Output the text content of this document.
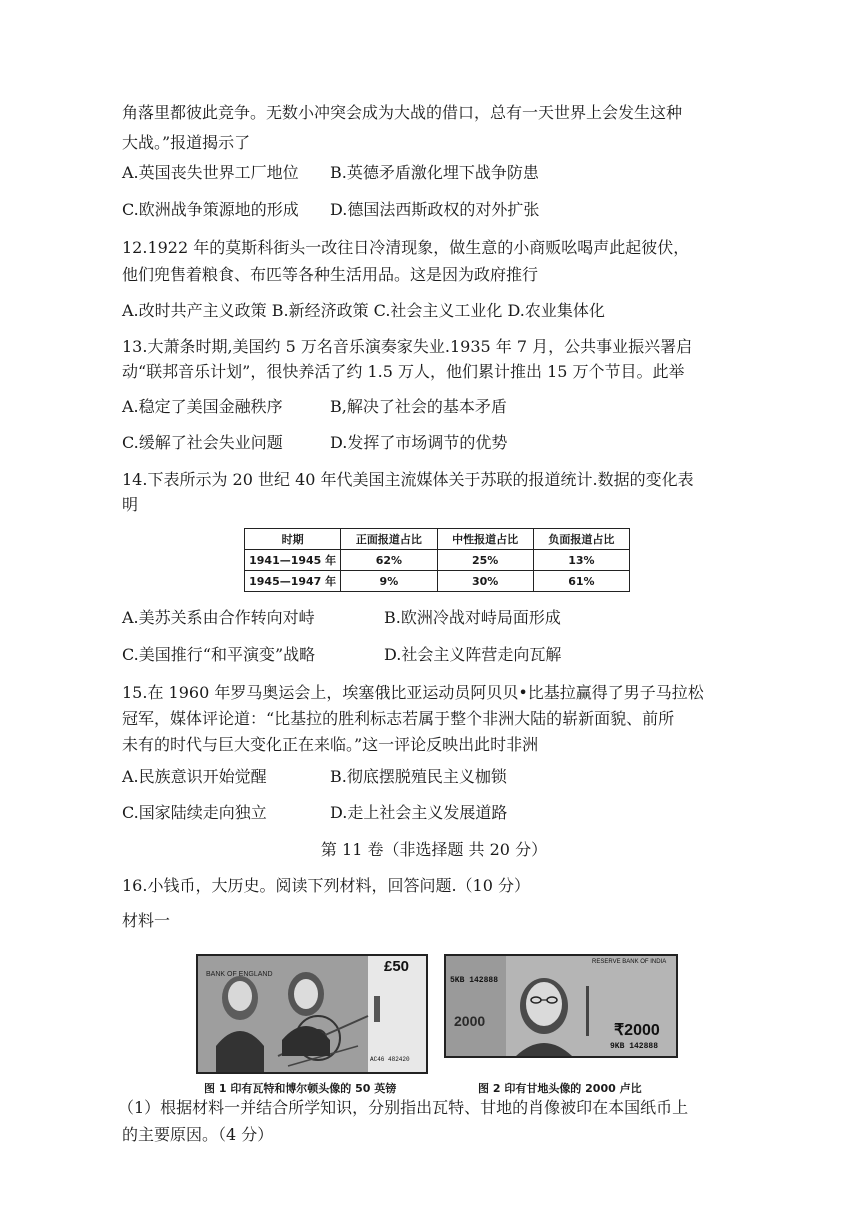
角落里都彼此竞争。无数小冲突会成为大战的借口，总有一天世界上会发生这种
大战。”报道揭示了
A.英国丧失世界工厂地位 B.英德矛盾激化埋下战争防患
C.欧洲战争策源地的形成 D.德国法西斯政权的对外扩张
12.1922 年的莫斯科街头一改往日冷清现象，做生意的小商贩吆喝声此起彼伏，
他们兜售着粮食、布匹等各种生活用品。这是因为政府推行
A.改时共产主义政策 B.新经济政策 C.社会主义工业化 D.农业集体化
13.大萧条时期,美国约 5 万名音乐演奏家失业.1935 年 7 月，公共事业振兴署启
动“联邦音乐计划”，很快养活了约 1.5 万人，他们累计推出 15 万个节目。此举
A.稳定了美国金融秩序	B,解决了社会的基本矛盾
C.缓解了社会失业问题	D.发挥了市场调节的优势
14.下表所示为 20 世纪 40 年代美国主流媒体关于苏联的报道统计.数据的变化表
明
时期	正面报道占比	中性报道占比	负面报道占比
1941—1945 年	62%	25%	13%
1945—1947 年	9%	30%	61%
A.美苏关系由合作转向对峙	B.欧洲冷战对峙局面形成
C.美国推行“和平演变”战略	D.社会主义阵营走向瓦解
15.在 1960 年罗马奥运会上，埃塞俄比亚运动员阿贝贝•比基拉赢得了男子马拉松
冠军，媒体评论道：“比基拉的胜利标志若属于整个非洲大陆的崭新面貌、前所
未有的时代与巨大变化正在来临。”这一评论反映出此时非洲
A.民族意识开始觉醒	B.彻底摆脱殖民主义枷锁
C.国家陆续走向独立	D.走上社会主义发展道路
第 11 卷（非选择题 共 20 分）
16.小钱币，大历史。阅读下列材料，回答问题.（10 分）
材料一
BANK OF ENGLAND	£50
AC46 482420
2000
RESERVE BANK OF INDIA
5KB 142888
₹2000
9KB 142888
图 1 印有瓦特和博尔顿头像的 50 英镑	图 2 印有甘地头像的 2000 卢比
（1）根据材料一并结合所学知识，分别指出瓦特、甘地的肖像被印在本国纸币上
的主要原因。（4 分）
